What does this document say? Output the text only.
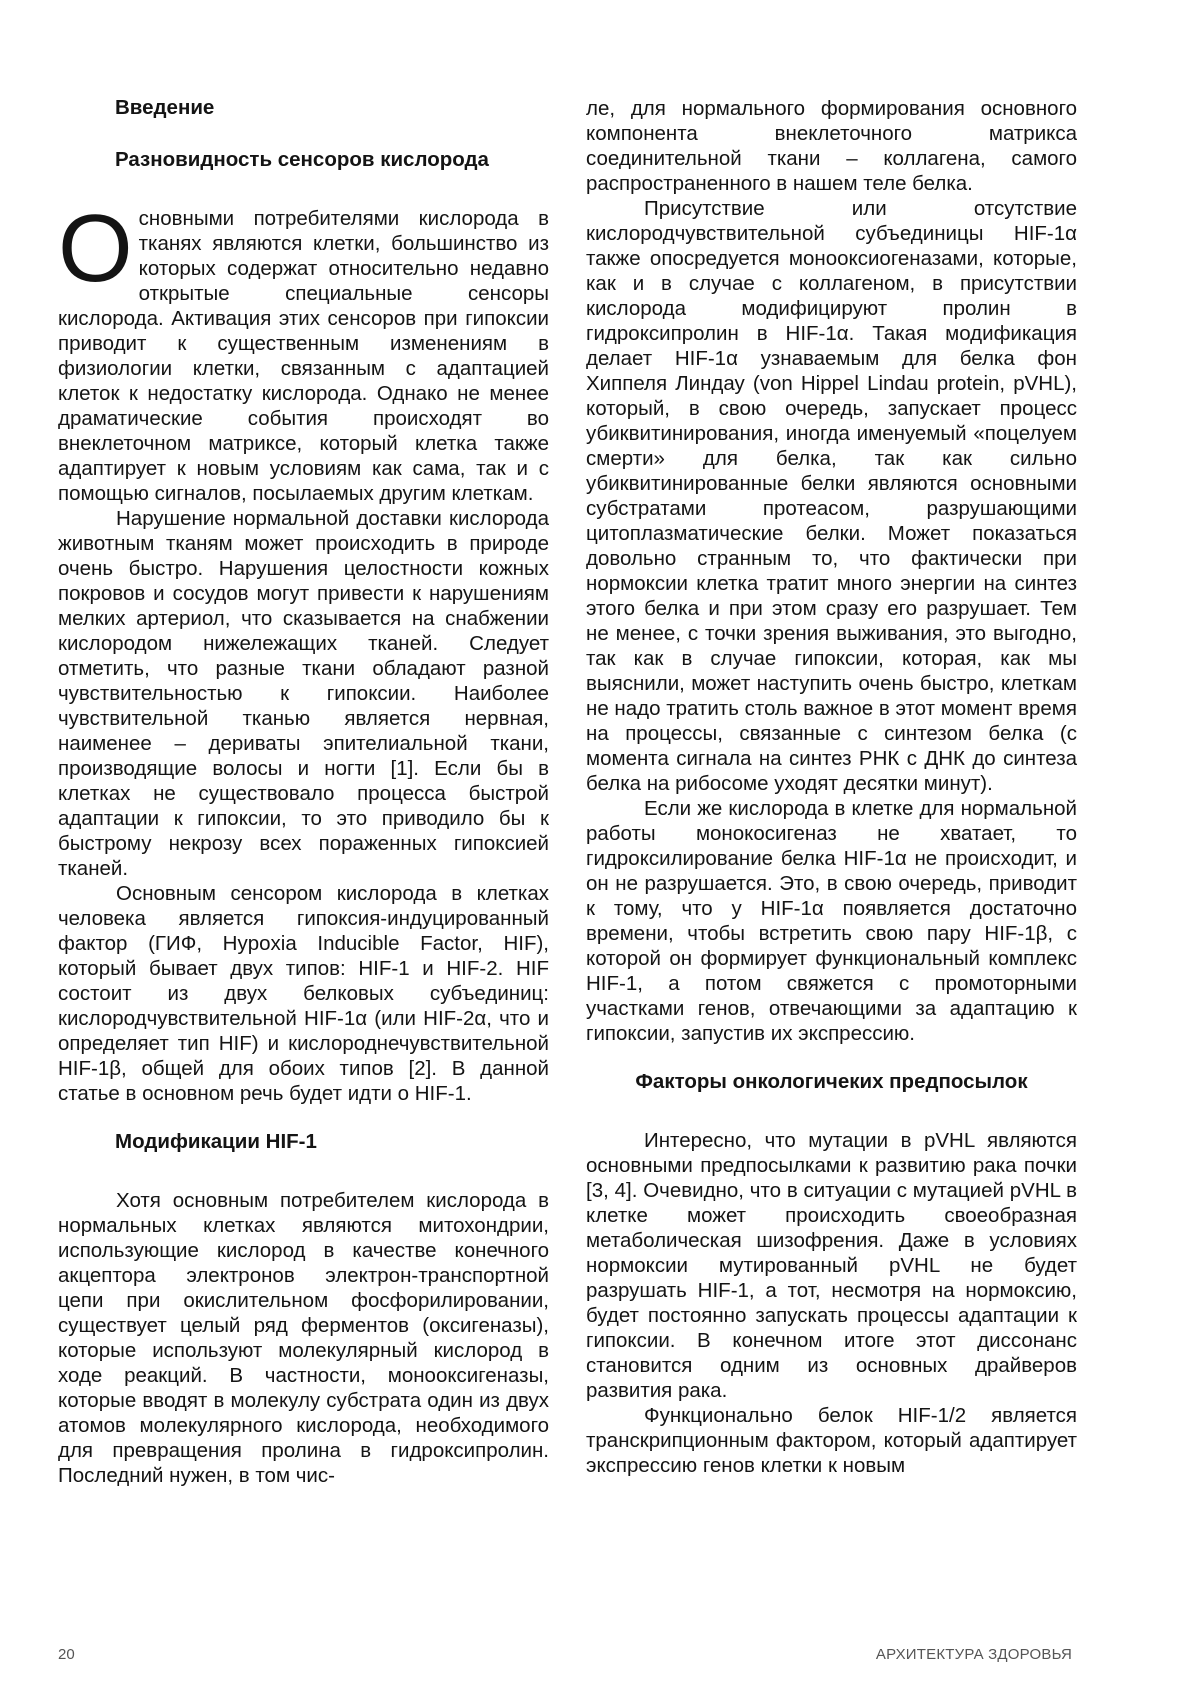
Введение
Разновидность сенсоров кислорода

Основными потребителями кислорода в тканях являются клетки, большинство из которых содержат относительно недавно открытые специальные сенсоры кислорода. Активация этих сенсоров при гипоксии приводит к существенным изменениям в физиологии клетки, связанным с адаптацией клеток к недостатку кислорода. Однако не менее драматические события происходят во внеклеточном матриксе, который клетка также адаптирует к новым условиям как сама, так и с помощью сигналов, посылаемых другим клеткам.

Нарушение нормальной доставки кислорода животным тканям может происходить в природе очень быстро. Нарушения целостности кожных покровов и сосудов могут привести к нарушениям мелких артериол, что сказывается на снабжении кислородом нижележащих тканей. Следует отметить, что разные ткани обладают разной чувствительностью к гипоксии. Наиболее чувствительной тканью является нервная, наименее – дериваты эпителиальной ткани, производящие волосы и ногти [1]. Если бы в клетках не существовало процесса быстрой адаптации к гипоксии, то это приводило бы к быстрому некрозу всех пораженных гипоксией тканей.

Основным сенсором кислорода в клетках человека является гипоксия-индуцированный фактор (ГИФ, Hypoxia Inducible Factor, HIF), который бывает двух типов: HIF-1 и HIF-2. HIF состоит из двух белковых субъединиц: кислородчувствительной HIF-1α (или HIF-2α, что и определяет тип HIF) и кислороднечувствительной HIF-1β, общей для обоих типов [2]. В данной статье в основном речь будет идти о HIF-1.

Модификации HIF-1

Хотя основным потребителем кислорода в нормальных клетках являются митохондрии, использующие кислород в качестве конечного акцептора электронов электрон-транспортной цепи при окислительном фосфорилировании, существует целый ряд ферментов (оксигеназы), которые используют молекулярный кислород в ходе реакций. В частности, монооксигеназы, которые вводят в молекулу субстрата один из двух атомов молекулярного кислорода, необходимого для превращения пролина в гидроксипролин. Последний нужен, в том чис-

ле, для нормального формирования основного компонента внеклеточного матрикса соединительной ткани – коллагена, самого распространенного в нашем теле белка.

Присутствие или отсутствие кислородчувствительной субъединицы HIF-1α также опосредуется монооксиогеназами, которые, как и в случае с коллагеном, в присутствии кислорода модифицируют пролин в гидроксипролин в HIF-1α. Такая модификация делает HIF-1α узнаваемым для белка фон Хиппеля Линдау (von Hippel Lindau protein, pVHL), который, в свою очередь, запускает процесс убиквитинирования, иногда именуемый «поцелуем смерти» для белка, так как сильно убиквитинированные белки являются основными субстратами протеасом, разрушающими цитоплазматические белки. Может показаться довольно странным то, что фактически при нормоксии клетка тратит много энергии на синтез этого белка и при этом сразу его разрушает. Тем не менее, с точки зрения выживания, это выгодно, так как в случае гипоксии, которая, как мы выяснили, может наступить очень быстро, клеткам не надо тратить столь важное в этот момент время на процессы, связанные с синтезом белка (с момента сигнала на синтез РНК с ДНК до синтеза белка на рибосоме уходят десятки минут).

Если же кислорода в клетке для нормальной работы монокосигеназ не хватает, то гидроксилирование белка HIF-1α не происходит, и он не разрушается. Это, в свою очередь, приводит к тому, что у HIF-1α появляется достаточно времени, чтобы встретить свою пару HIF-1β, с которой он формирует функциональный комплекс HIF-1, а потом свяжется с промоторными участками генов, отвечающими за адаптацию к гипоксии, запустив их экспрессию.

Факторы онкологичеких предпосылок

Интересно, что мутации в pVHL являются основными предпосылками к развитию рака почки [3, 4]. Очевидно, что в ситуации с мутацией pVHL в клетке может происходить своеобразная метаболическая шизофрения. Даже в условиях нормоксии мутированный pVHL не будет разрушать HIF-1, а тот, несмотря на нормоксию, будет постоянно запускать процессы адаптации к гипоксии. В конечном итоге этот диссонанс становится одним из основных драйверов развития рака.

Функционально белок HIF-1/2 является транскрипционным фактором, который адаптирует экспрессию генов клетки к новым

20	АРХИТЕКТУРА ЗДОРОВЬЯ
